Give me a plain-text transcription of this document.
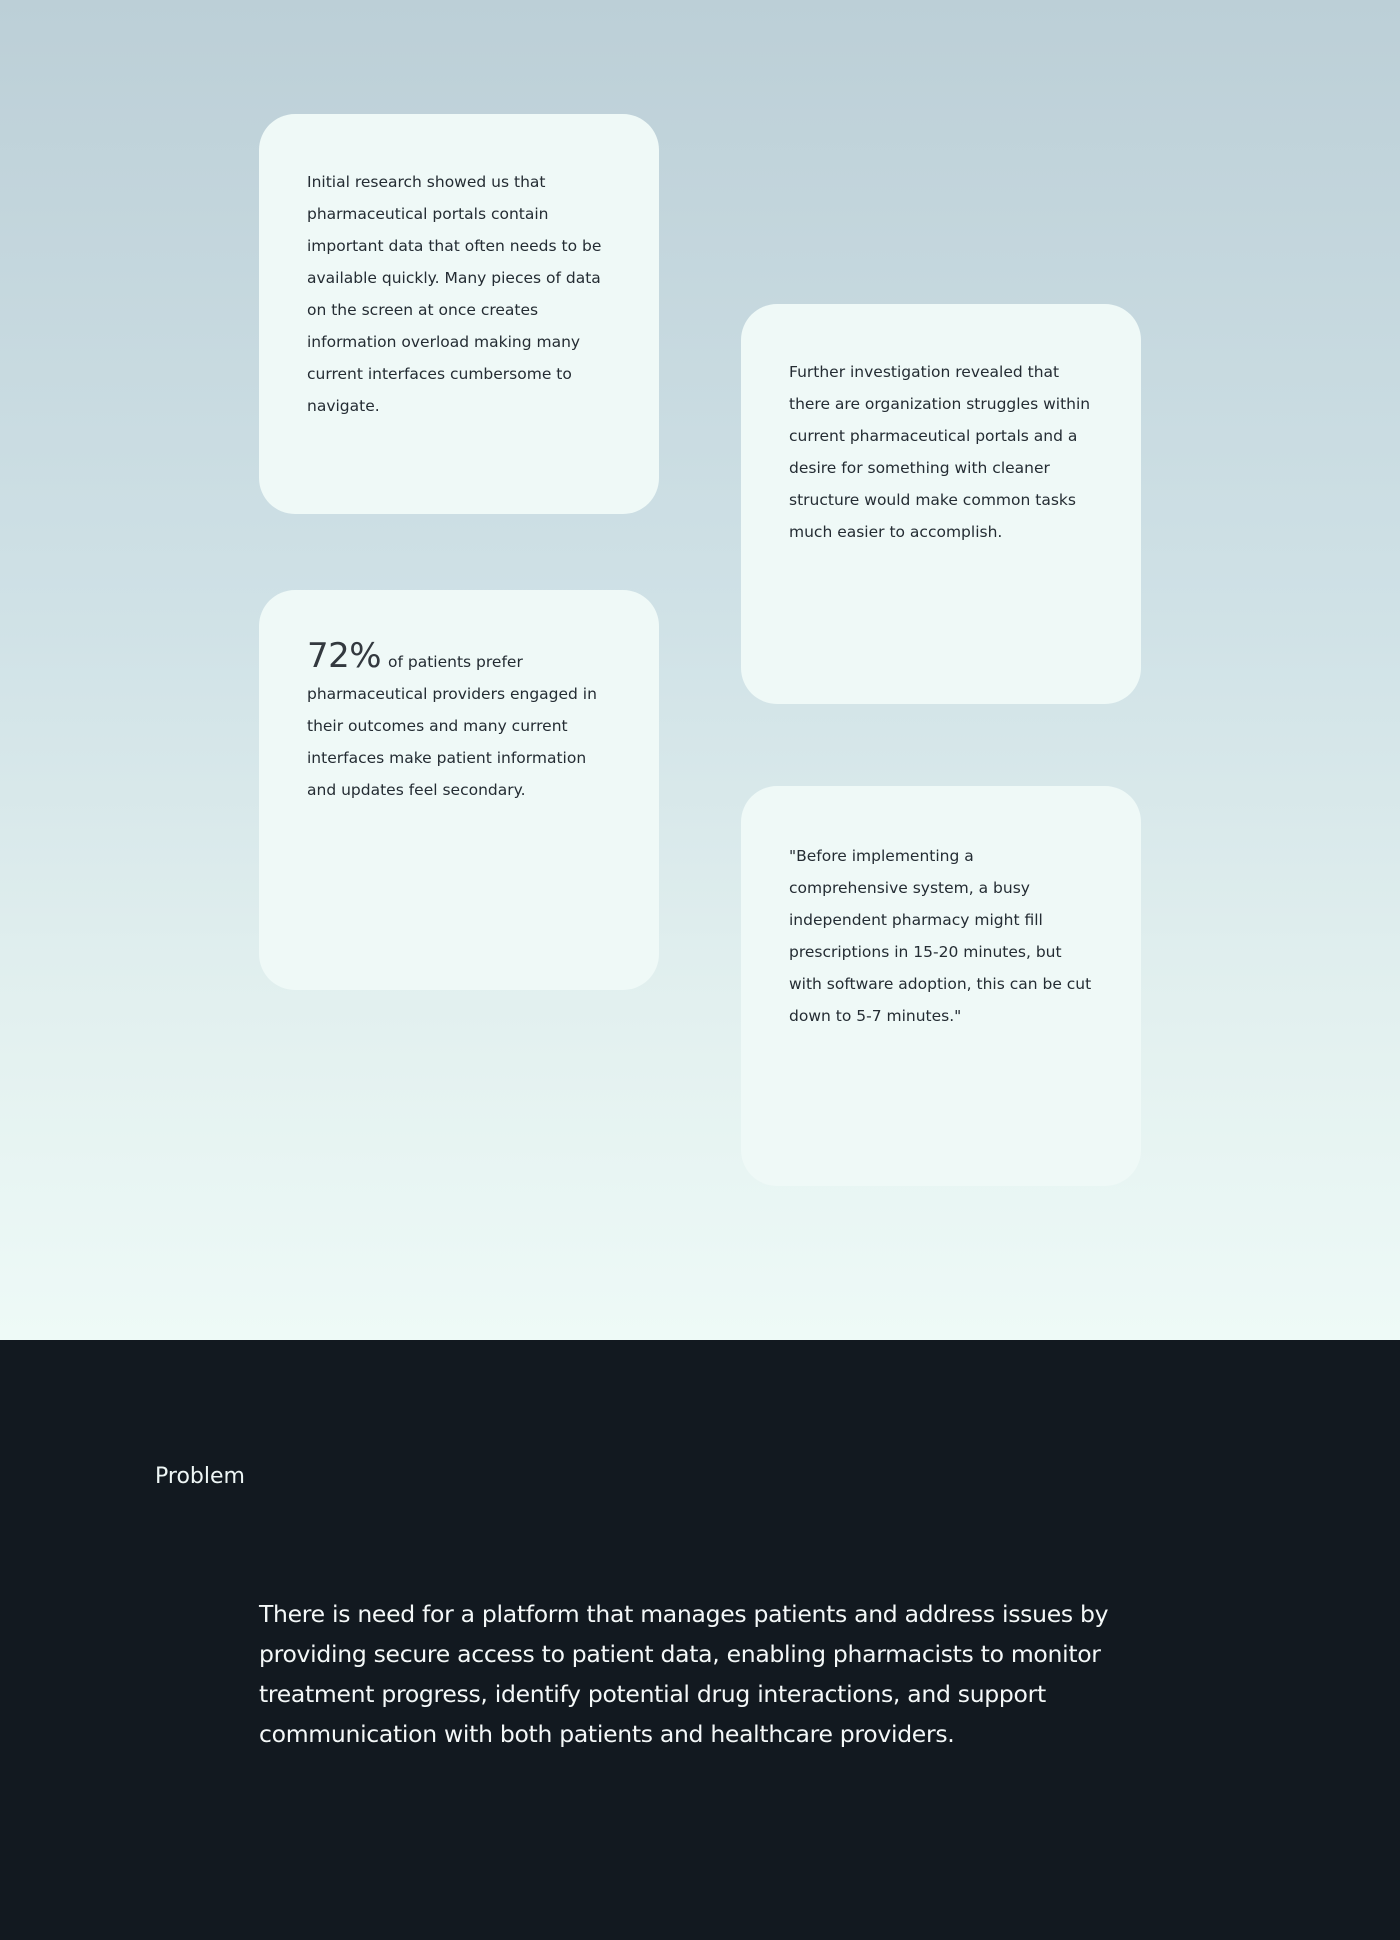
Initial research showed us that pharmaceutical portals contain important data that often needs to be available quickly. Many pieces of data on the screen at once creates information overload making many current interfaces cumbersome to navigate.

Further investigation revealed that there are organization struggles within current pharmaceutical portals and a desire for something with cleaner structure would make common tasks much easier to accomplish.

72% of patients prefer pharmaceutical providers engaged in their outcomes and many current interfaces make patient information and updates feel secondary.

"Before implementing a comprehensive system, a busy independent pharmacy might fill prescriptions in 15-20 minutes, but with software adoption, this can be cut down to 5-7 minutes."

Problem

There is need for a platform that manages patients and address issues by providing secure access to patient data, enabling pharmacists to monitor treatment progress, identify potential drug interactions, and support communication with both patients and healthcare providers.
